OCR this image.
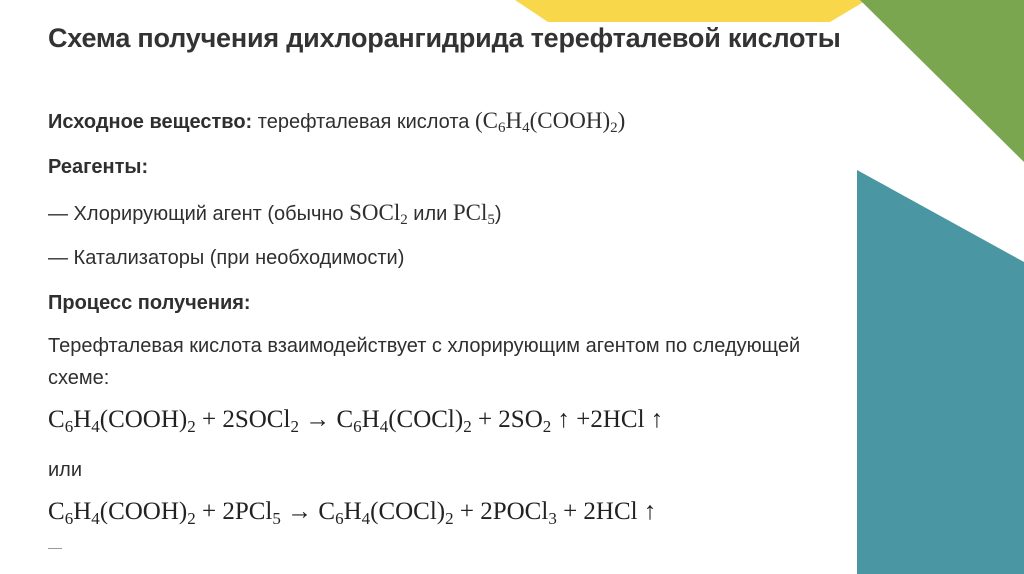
Схема получения дихлорангидрида терефталевой кислоты
Исходное вещество: терефталевая кислота $(C_6H_4(COOH)_2)$
Реагенты:
— Хлорирующий агент (обычно SOCl$_2$ или PCl$_5$)
— Катализаторы (при необходимости)
Процесс получения:
Терефталевая кислота взаимодействует с хлорирующим агентом по следующей схеме:
$C_6H_4(COOH)_2$ + 2SOCl$_2$ → $C_6H_4(COCl)_2 + 2SO_2$ ↑ +2HCl ↑
или
$C_6H_4(COOH)_2 + 2PCl_5$ → $C_6H_4(COCl)_2$ + 2POCl$_3$ + 2HCl ↑
